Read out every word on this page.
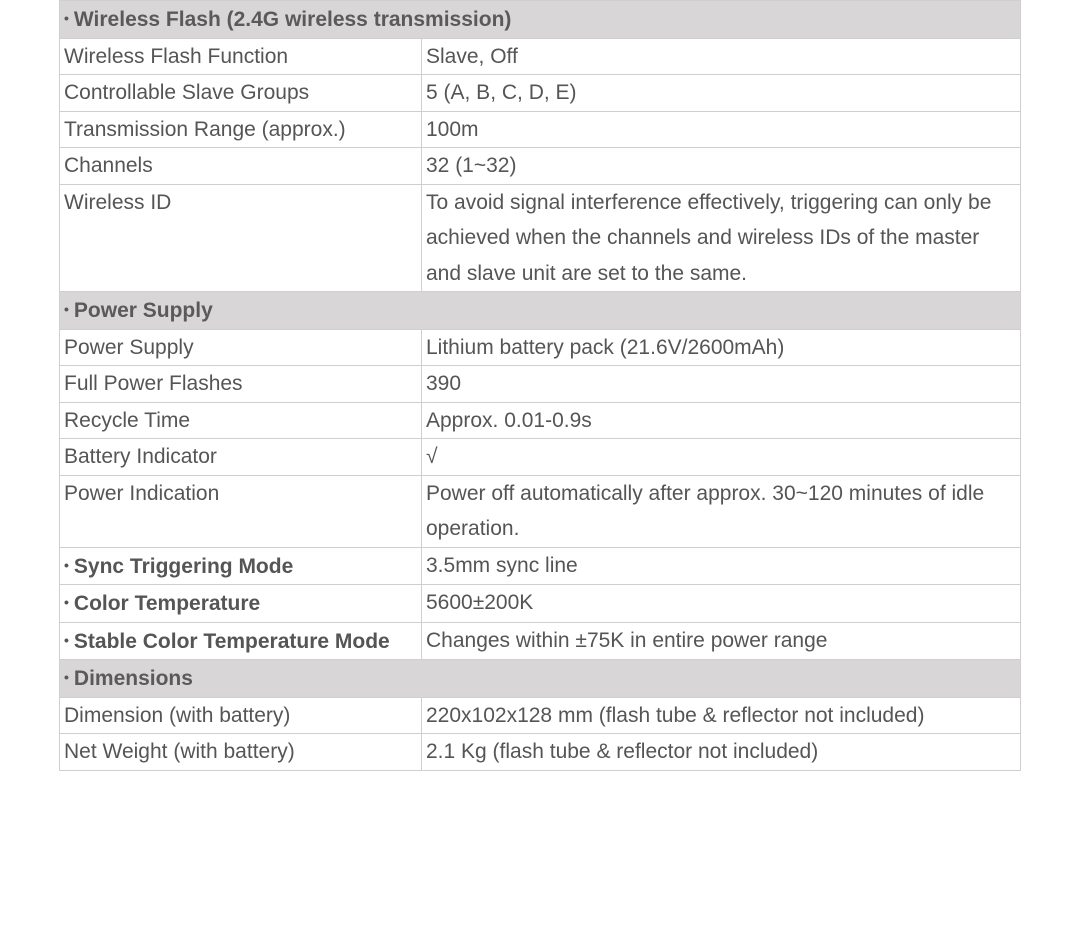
• Wireless Flash (2.4G wireless transmission)	
Wireless Flash Function	Slave, Off
Controllable Slave Groups	5 (A, B, C, D, E)
Transmission Range (approx.)	100m
Channels	32 (1~32)
Wireless ID	To avoid signal interference effectively, triggering can only be achieved when the channels and wireless IDs of the master and slave unit are set to the same.
• Power Supply	
Power Supply	Lithium battery pack (21.6V/2600mAh)
Full Power Flashes	390
Recycle Time	Approx. 0.01-0.9s
Battery Indicator	√
Power Indication	Power off automatically after approx. 30~120 minutes of idle operation.
• Sync Triggering Mode	3.5mm sync line
• Color Temperature	5600±200K
• Stable Color Temperature Mode	Changes within ±75K in entire power range
• Dimensions	
Dimension (with battery)	220x102x128 mm (flash tube & reflector not included)
Net Weight (with battery)	2.1 Kg (flash tube & reflector not included)
